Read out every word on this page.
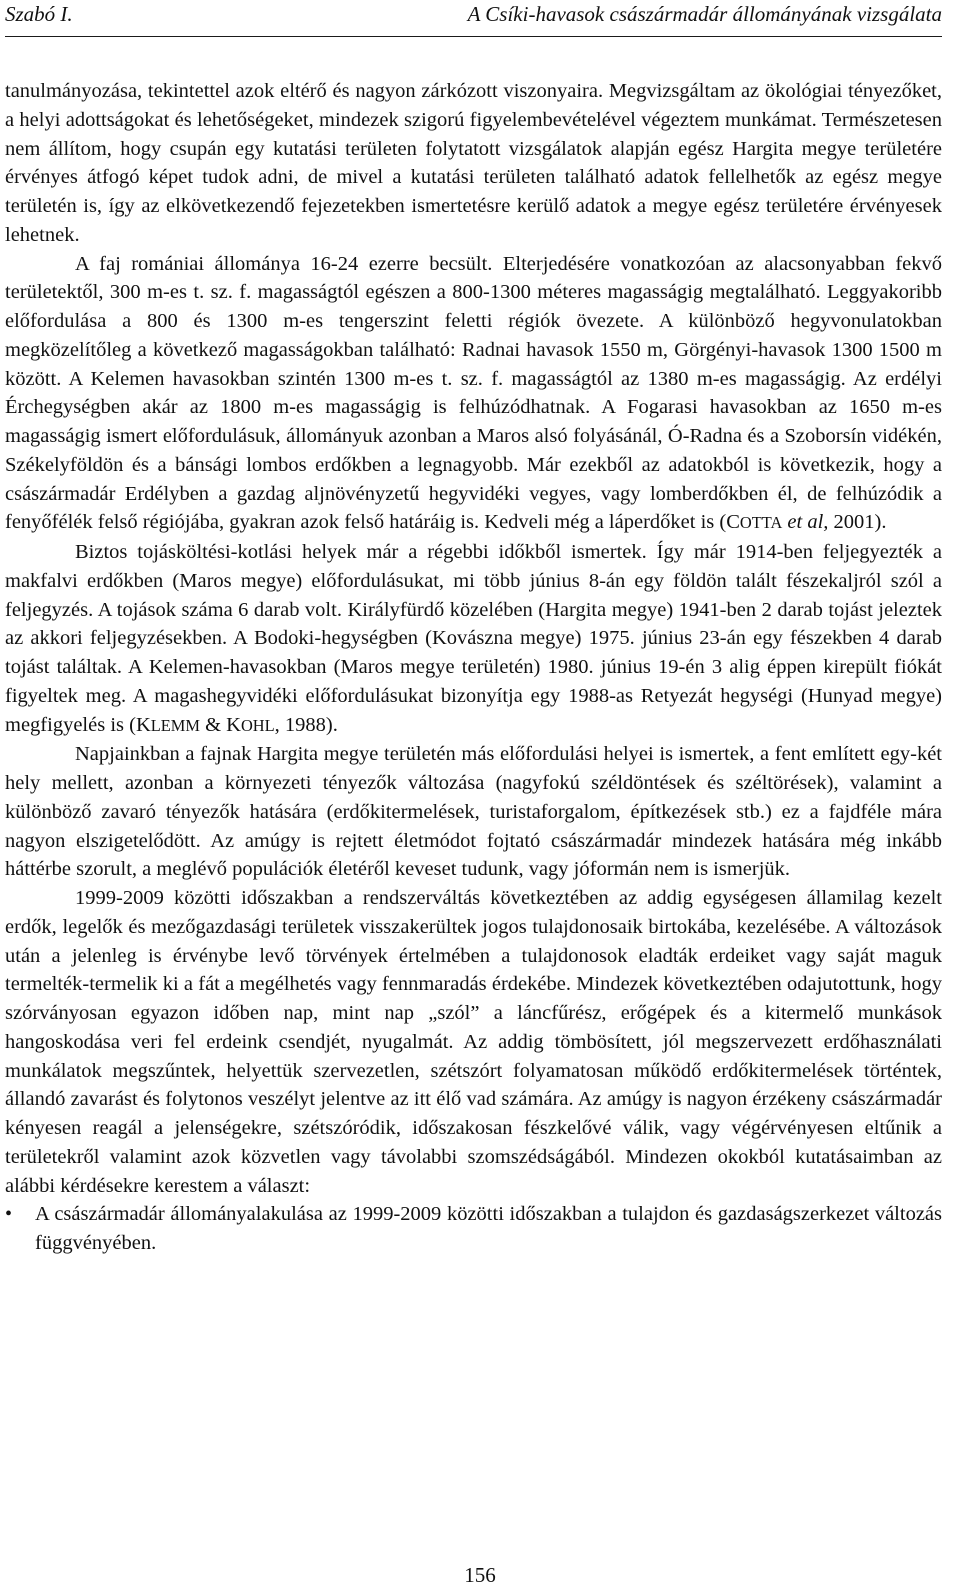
Szabó I.	A Csíki-havasok császármadár állományának vizsgálata

tanulmányozása, tekintettel azok eltérő és nagyon zárkózott viszonyaira. Megvizsgáltam az ökológiai tényezőket, a helyi adottságokat és lehetőségeket, mindezek szigorú figyelembevételével végeztem munkámat. Természetesen nem állítom, hogy csupán egy kutatási területen folytatott vizsgálatok alapján egész Hargita megye területére érvényes átfogó képet tudok adni, de mivel a kutatási területen található adatok fellelhetők az egész megye területén is, így az elkövetkezendő fejezetekben ismertetésre kerülő adatok a megye egész területére érvényesek lehetnek.

A faj romániai állománya 16-24 ezerre becsült. Elterjedésére vonatkozóan az alacsonyabban fekvő területektől, 300 m-es t. sz. f. magasságtól egészen a 800-1300 méteres magasságig megtalálható. Leggyakoribb előfordulása a 800 és 1300 m-es tengerszint feletti régiók övezete. A különböző hegyvonulatokban megközelítőleg a következő magasságokban található: Radnai havasok 1550 m, Görgényi-havasok 1300 1500 m között. A Kelemen havasokban szintén 1300 m-es t. sz. f. magasságtól az 1380 m-es magasságig. Az erdélyi Érchegységben akár az 1800 m-es magasságig is felhúzódhatnak. A Fogarasi havasokban az 1650 m-es magasságig ismert előfordulásuk, állományuk azonban a Maros alsó folyásánál, Ó-Radna és a Szoborsín vidékén, Székelyföldön és a bánsági lombos erdőkben a legnagyobb. Már ezekből az adatokból is következik, hogy a császármadár Erdélyben a gazdag aljnövényzetű hegyvidéki vegyes, vagy lomberdőkben él, de felhúzódik a fenyőfélék felső régiójába, gyakran azok felső határáig is. Kedveli még a láperdőket is (COTTA et al, 2001).

Biztos tojásköltési-kotlási helyek már a régebbi időkből ismertek. Így már 1914-ben feljegyezték a makfalvi erdőkben (Maros megye) előfordulásukat, mi több június 8-án egy földön talált fészekaljról szól a feljegyzés. A tojások száma 6 darab volt. Királyfürdő közelében (Hargita megye) 1941-ben 2 darab tojást jeleztek az akkori feljegyzésekben. A Bodoki-hegységben (Kovászna megye) 1975. június 23-án egy fészekben 4 darab tojást találtak. A Kelemen-havasokban (Maros megye területén) 1980. június 19-én 3 alig éppen kirepült fiókát figyeltek meg. A magashegyvidéki előfordulásukat bizonyítja egy 1988-as Retyezát hegységi (Hunyad megye) megfigyelés is (KLEMM & KOHL, 1988).

Napjainkban a fajnak Hargita megye területén más előfordulási helyei is ismertek, a fent említett egy-két hely mellett, azonban a környezeti tényezők változása (nagyfokú széldöntések és széltörések), valamint a különböző zavaró tényezők hatására (erdőkitermelések, turistaforgalom, építkezések stb.) ez a fajdféle mára nagyon elszigetelődött. Az amúgy is rejtett életmódot fojtató császármadár mindezek hatására még inkább háttérbe szorult, a meglévő populációk életéről keveset tudunk, vagy jóformán nem is ismerjük.

1999-2009 közötti időszakban a rendszerváltás következtében az addig egységesen államilag kezelt erdők, legelők és mezőgazdasági területek visszakerültek jogos tulajdonosaik birtokába, kezelésébe. A változások után a jelenleg is érvénybe levő törvények értelmében a tulajdonosok eladták erdeiket vagy saját maguk termelték-termelik ki a fát a megélhetés vagy fennmaradás érdekébe. Mindezek következtében odajutottunk, hogy szórványosan egyazon időben nap, mint nap „szól” a láncfűrész, erőgépek és a kitermelő munkások hangoskodása veri fel erdeink csendjét, nyugalmát. Az addig tömbösített, jól megszervezett erdőhasználati munkálatok megszűntek, helyettük szervezetlen, szétszórt folyamatosan működő erdőkitermelések történtek, állandó zavarást és folytonos veszélyt jelentve az itt élő vad számára. Az amúgy is nagyon érzékeny császármadár kényesen reagál a jelenségekre, szétszóródik, időszakosan fészkelővé válik, vagy végérvényesen eltűnik a területekről valamint azok közvetlen vagy távolabbi szomszédságából. Mindezen okokból kutatásaimban az alábbi kérdésekre kerestem a választ:

•	A császármadár állományalakulása az 1999-2009 közötti időszakban a tulajdon és gazdaságszerkezet változás függvényében.
156
